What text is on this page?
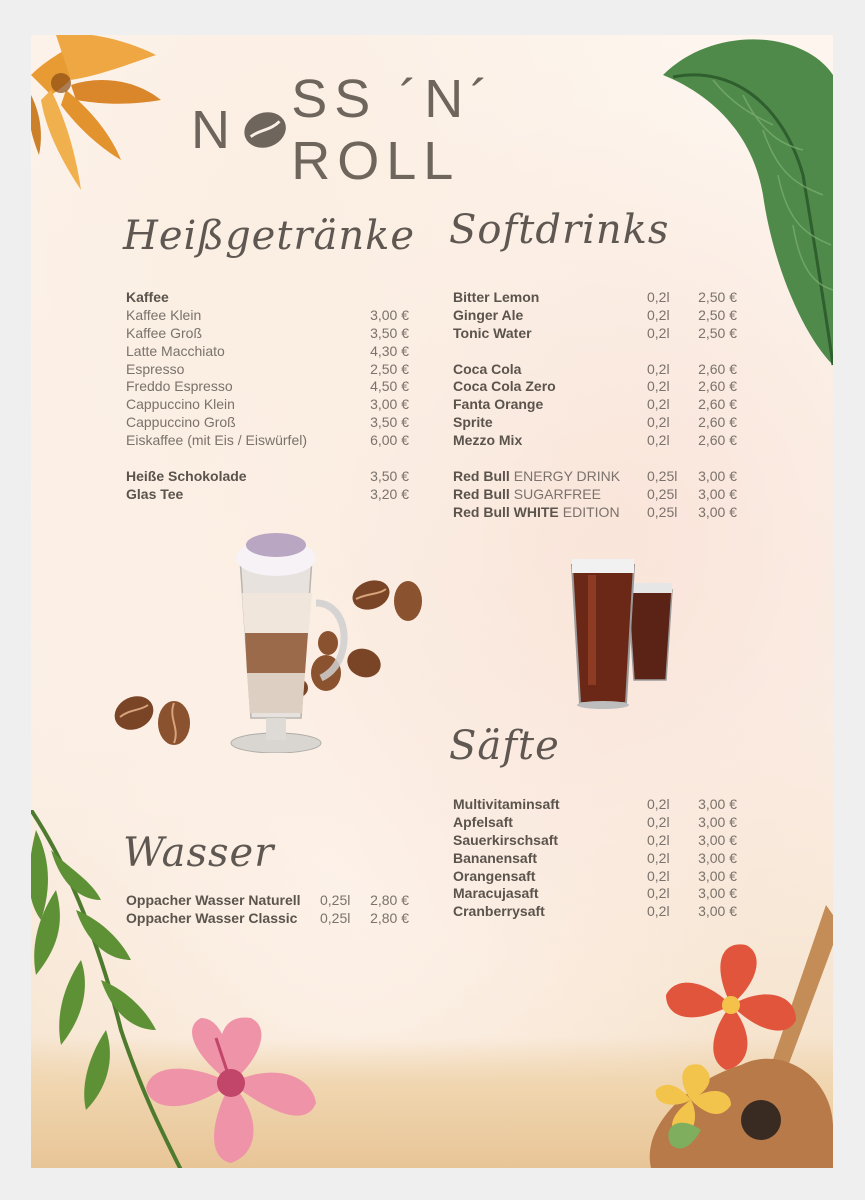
N
SS ´N´ ROLL
Heißgetränke Softdrinks
Wasser
Säfte
Kaffee
Kaffee Klein	3,00 €
Kaffee Groß	3,50 €
Latte Macchiato	4,30 €
Espresso	2,50 €
Freddo Espresso	4,50 €
Cappuccino Klein	3,00 €
Cappuccino Groß	3,50 €
Eiskaffee (mit Eis / Eiswürfel)	6,00 €
Heiße Schokolade	3,50 €
Glas Tee	3,20 €
Bitter Lemon	0,2l 2,50 €
Ginger Ale	0,2l 2,50 €
Tonic Water	0,2l 2,50 €
Coca Cola	0,2l 2,60 €
Coca Cola Zero	0,2l 2,60 €
Fanta Orange	0,2l 2,60 €
Sprite	0,2l 2,60 €
Mezzo Mix	0,2l 2,60 €
Red Bull ENERGY DRINK 0,25l 3,00 €
Red Bull SUGARFREE	0,25l 3,00 €
Red Bull WHITE EDITION 0,25l 3,00 €
Oppacher Wasser Naturell 0,25l 2,80 €
Oppacher Wasser Classic 0,25l 2,80 €
Multivitaminsaft	0,2l 3,00 €
Apfelsaft	0,2l 3,00 €
Sauerkirschsaft	0,2l 3,00 €
Bananensaft	0,2l 3,00 €
Orangensaft	0,2l 3,00 €
Maracujasaft	0,2l 3,00 €
Cranberrysaft	0,2l 3,00 €
